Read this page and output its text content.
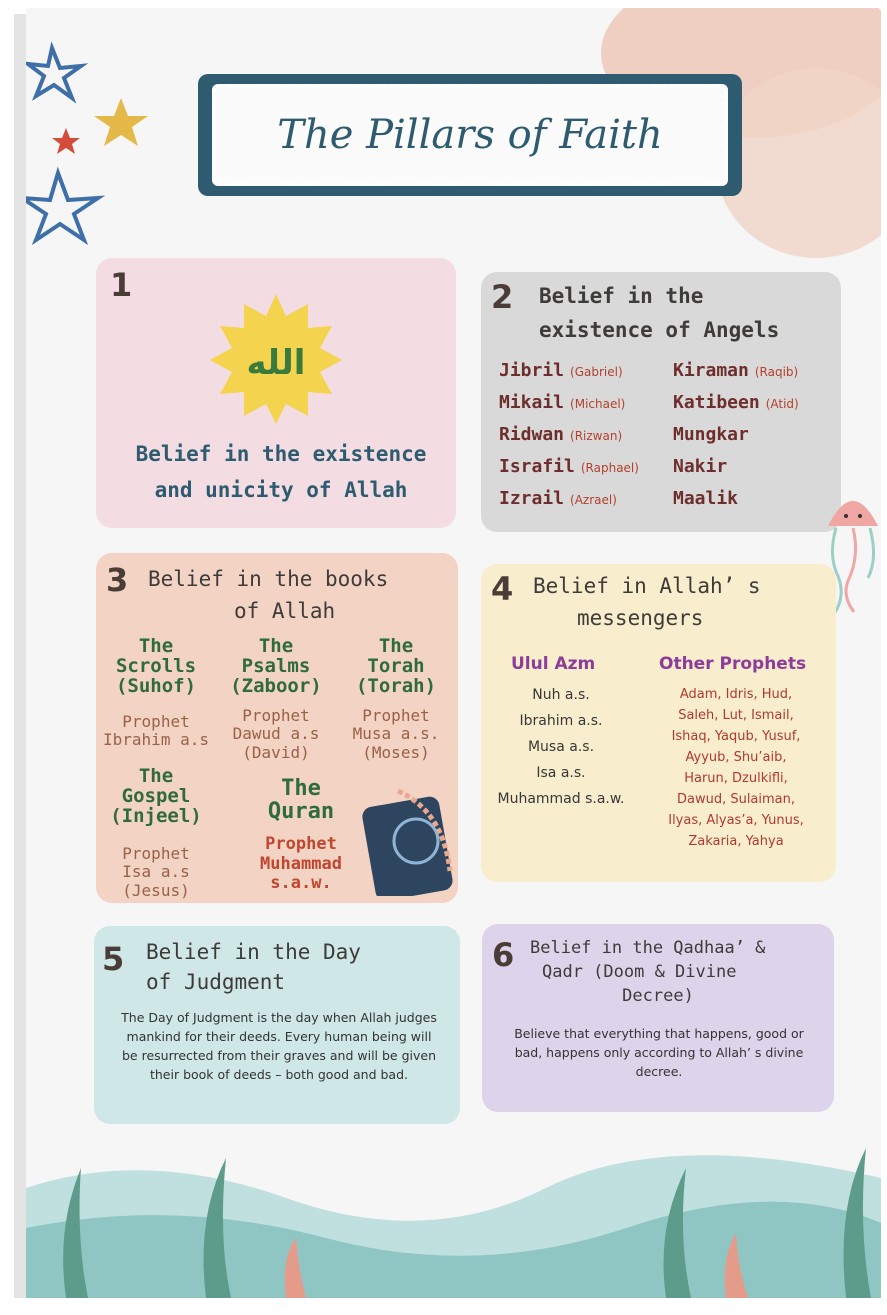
The Pillars of Faith
1
الله
Belief in the existence and unicity of Allah
2 Belief in the
existence of Angels
Jibril (Gabriel)
Mikail (Michael)
Ridwan (Rizwan)
Israfil (Raphael)
Izrail (Azrael)
Kiraman (Raqib)
Katibeen (Atid)
Mungkar
Nakir
Maalik
3 Belief in the books
of Allah
The
Scrolls
(Suhof)
Prophet
Ibrahim a.s
The
Psalms
(Zaboor)
Prophet
Dawud a.s
(David)
The
Torah
(Torah)
Prophet
Musa a.s.
(Moses)
The
Gospel
(Injeel)
Prophet
Isa a.s
(Jesus)
The
Quran
Prophet
Muhammad
s.a.w.
4 Belief in Allah’ s
messengers
Ulul Azm
Nuh a.s.
Ibrahim a.s.
Musa a.s.
Isa a.s.
Muhammad s.a.w.
Other Prophets
Adam, Idris, Hud,
Saleh, Lut, Ismail,
Ishaq, Yaqub, Yusuf,
Ayyub, Shu’aib,
Harun, Dzulkifli,
Dawud, Sulaiman,
Ilyas, Alyas’a, Yunus,
Zakaria, Yahya
5 Belief in the Day
of Judgment
The Day of Judgment is the day when Allah judges mankind for their deeds. Every human being will be resurrected from their graves and will be given their book of deeds – both good and bad.
6 Belief in the Qadhaa’ &
Qadr (Doom & Divine
Decree)
Believe that everything that happens, good or bad, happens only according to Allah’ s divine decree.
